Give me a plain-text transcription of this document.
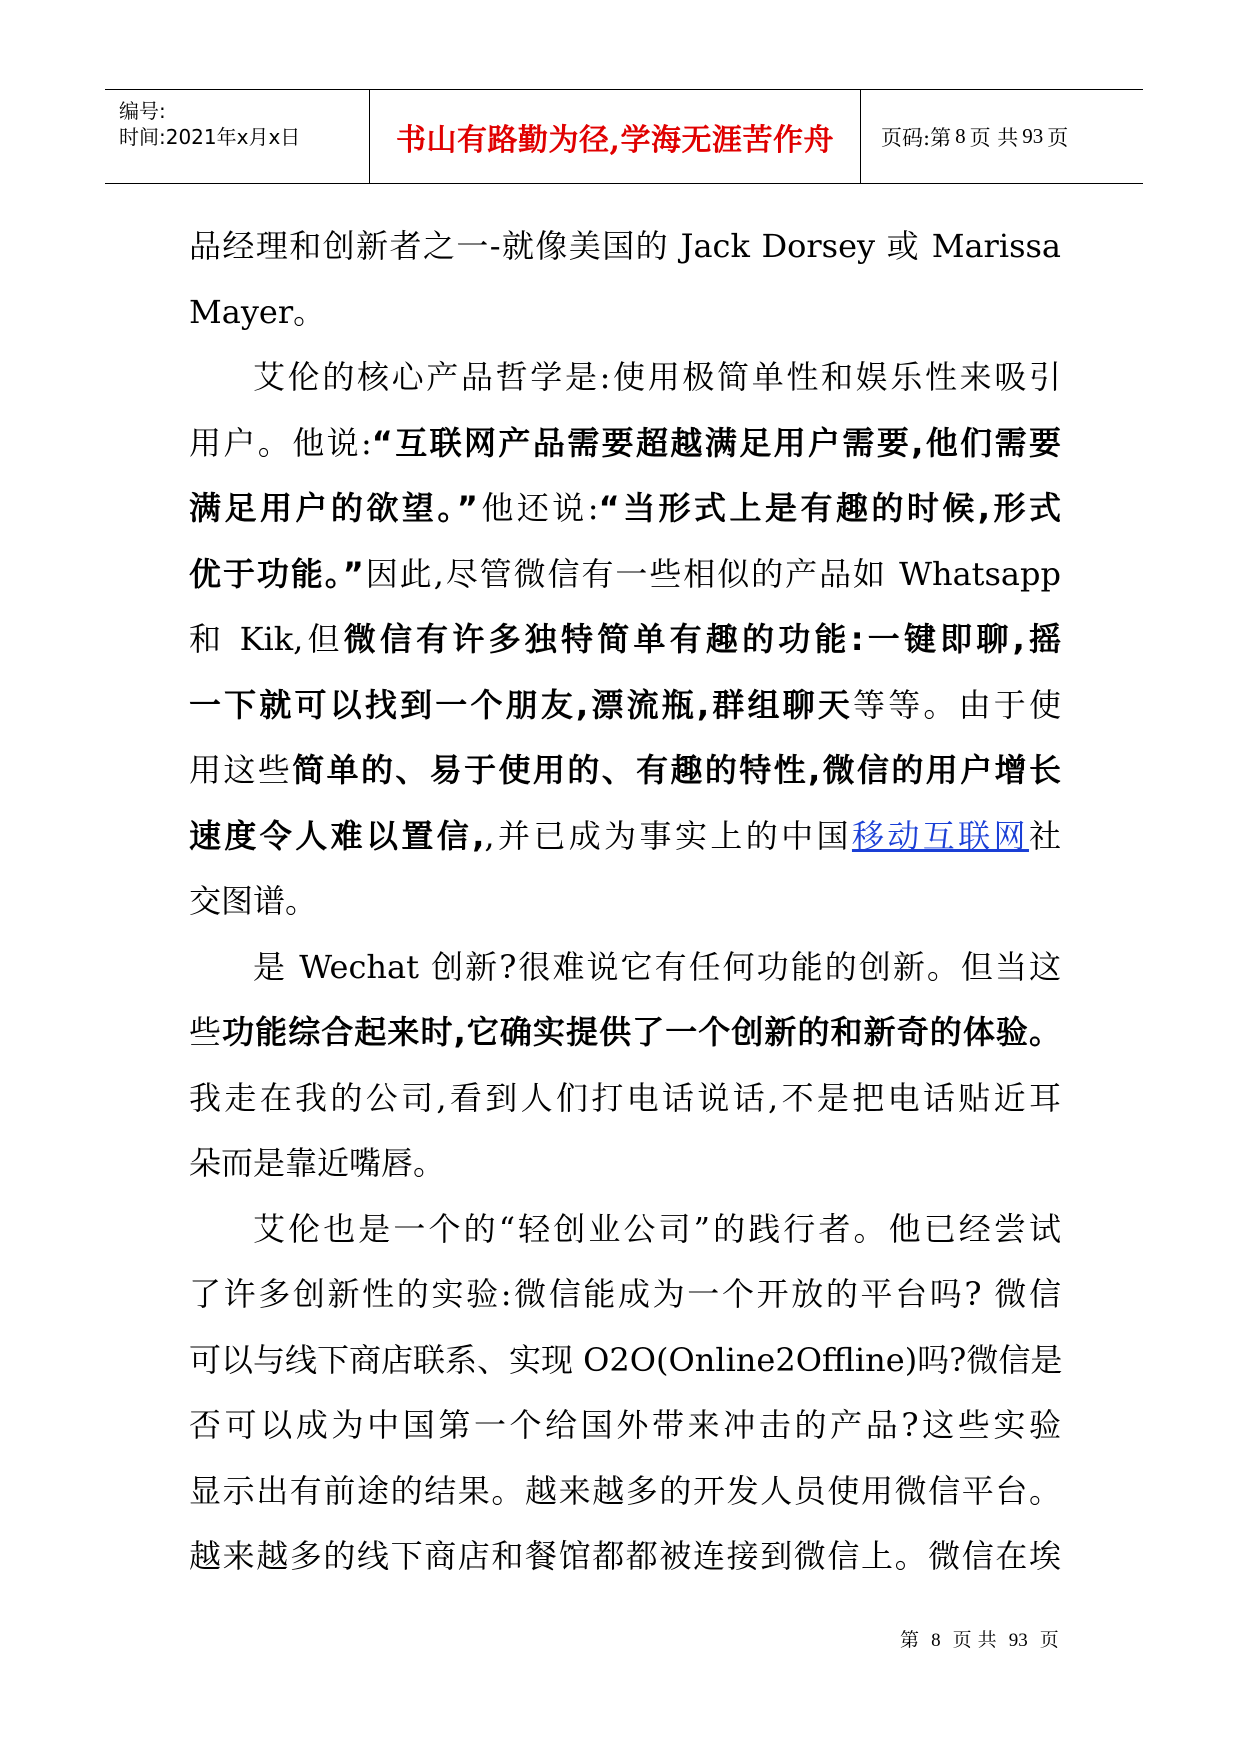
编号:
时间:2021年x月x日	书山有路勤为径,学海无涯苦作舟 页码:第 8 页 共 93 页
品经理和创新者之一-就像美国的 Jack Dorsey 或 Marissa
Mayer。
艾伦的核心产品哲学是:使用极简单性和娱乐性来吸引
用户。他说:“互联网产品需要超越满足用户需要,他们需要
满足用户的欲望。”他还说:“当形式上是有趣的时候,形式
优于功能。”因此,尽管微信有一些相似的产品如 Whatsapp
和 Kik,但微信有许多独特简单有趣的功能:一键即聊,摇
一下就可以找到一个朋友,漂流瓶,群组聊天等等。由于使
用这些简单的、易于使用的、有趣的特性,微信的用户增长
速度令人难以置信,,并已成为事实上的中国移动互联网社
交图谱。
是 Wechat 创新?很难说它有任何功能的创新。但当这
些功能综合起来时,它确实提供了一个创新的和新奇的体验。
我走在我的公司,看到人们打电话说话,不是把电话贴近耳
朵而是靠近嘴唇。
艾伦也是一个的“轻创业公司”的践行者。他已经尝试
了许多创新性的实验:微信能成为一个开放的平台吗? 微信
可以与线下商店联系、实现 O2O(Online2Offline)吗?微信是
否可以成为中国第一个给国外带来冲击的产品?这些实验
显示出有前途的结果。越来越多的开发人员使用微信平台。
越来越多的线下商店和餐馆都都被连接到微信上。微信在埃
第 8 页 共 93 页
